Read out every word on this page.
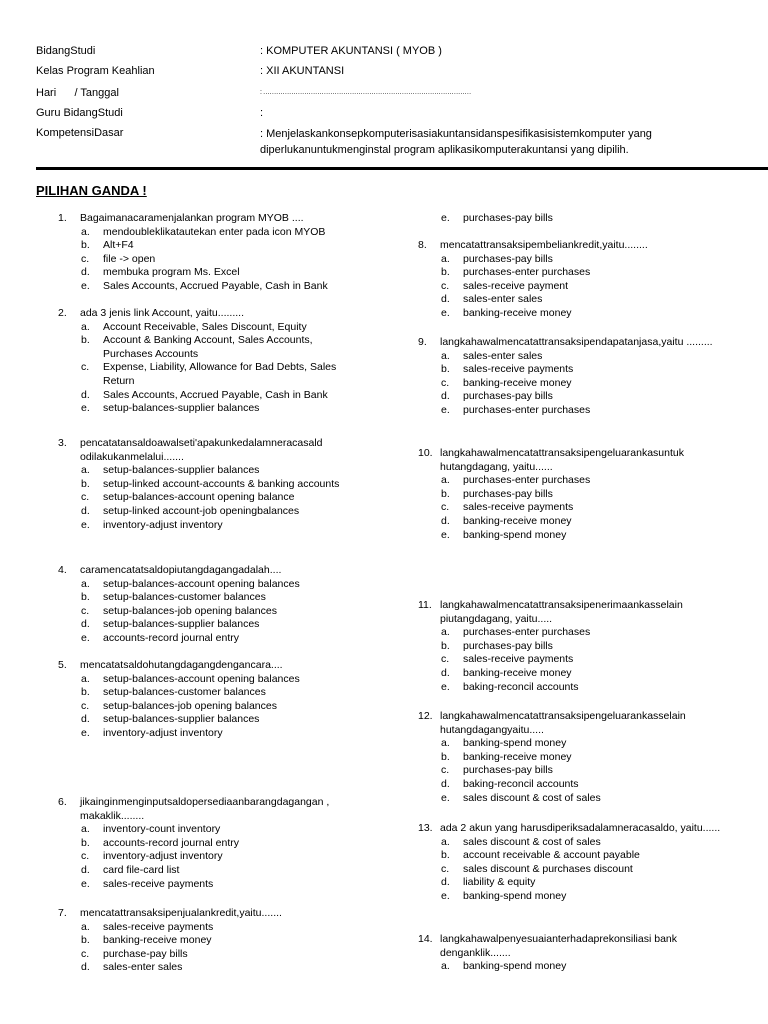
BidangStudi	: KOMPUTER AKUNTANSI ( MYOB )
Kelas Program Keahlian	: XII AKUNTANSI
Hari      / Tanggal	: ……………………………………………………………………………………
Guru BidangStudi	:
KompetensiDasar	: Menjelaskankonsepkomputerisasiakuntansidanspesifikasisistemkomputer yang diperlukanuntukmenginstal program aplikasikomputerakuntansi yang dipilih.
PILIHAN GANDA !
1.	Bagaimanacaramenjalankan program MYOB ....
a. mendoubleklikatautekan enter pada icon MYOB
b. Alt+F4
c. file -> open
d. membuka program Ms. Excel
e. Sales Accounts, Accrued Payable, Cash in Bank
2.	ada 3 jenis link Account, yaitu.........
a. Account Receivable, Sales Discount, Equity
b. Account & Banking Account, Sales Accounts, Purchases Accounts
c. Expense, Liability, Allowance for Bad Debts, Sales Return
d. Sales Accounts, Accrued Payable, Cash in Bank
e. setup-balances-supplier balances
3.	pencatatansaldoawalseti'apakunkedalamneracasald odilakukanmelalui.......
a. setup-balances-supplier balances
b. setup-linked account-accounts & banking accounts
c. setup-balances-account opening balance
d. setup-linked account-job openingbalances
e. inventory-adjust inventory
4.	caramencatatsaldopiutangdagangadalah....
a. setup-balances-account opening balances
b. setup-balances-customer balances
c. setup-balances-job opening balances
d. setup-balances-supplier balances
e. accounts-record journal entry
5.	mencatatsaldohutangdagangdengancara....
a. setup-balances-account opening balances
b. setup-balances-customer balances
c. setup-balances-job opening balances
d. setup-balances-supplier balances
e. inventory-adjust inventory
6.	jikainginmenginputsaldopersediaanbarangdagangan , makaklik........
a. inventory-count inventory
b. accounts-record journal entry
c. inventory-adjust inventory
d. card file-card list
e. sales-receive payments
7.	mencatattransaksipenjualankredit,yaitu.......
a. sales-receive payments
b. banking-receive money
c. purchase-pay bills
d. sales-enter sales
e. purchases-pay bills
8.	mencatattransaksipembeliankredit,yaitu........
a. purchases-pay bills
b. purchases-enter purchases
c. sales-receive payment
d. sales-enter sales
e. banking-receive money
9.	langkahawalmencatattransaksipendapatanjasa,yaitu .........
a. sales-enter sales
b. sales-receive payments
c. banking-receive money
d. purchases-pay bills
e. purchases-enter purchases
10. langkahawalmencatattransaksipengeluarankasuntuk hutangdagang, yaitu......
a. purchases-enter purchases
b. purchases-pay bills
c. sales-receive payments
d. banking-receive money
e. banking-spend money
11. langkahawalmencatattransaksipenerimaankasselain piutangdagang, yaitu.....
a. purchases-enter purchases
b. purchases-pay bills
c. sales-receive payments
d. banking-receive money
e. baking-reconcil accounts
12. langkahawalmencatattransaksipengeluarankasselain hutangdagangyaitu.....
a. banking-spend money
b. banking-receive money
c. purchases-pay bills
d. baking-reconcil accounts
e. sales discount & cost of sales
13. ada 2 akun yang harusdiperiksadalamneracasaldo, yaitu......
a. sales discount & cost of sales
b. account receivable & account payable
c. sales discount & purchases discount
d. liability & equity
e. banking-spend money
14. langkahawalpenyesuaianterhadaprekonsiliasi bank denganklik.......
a. banking-spend money
